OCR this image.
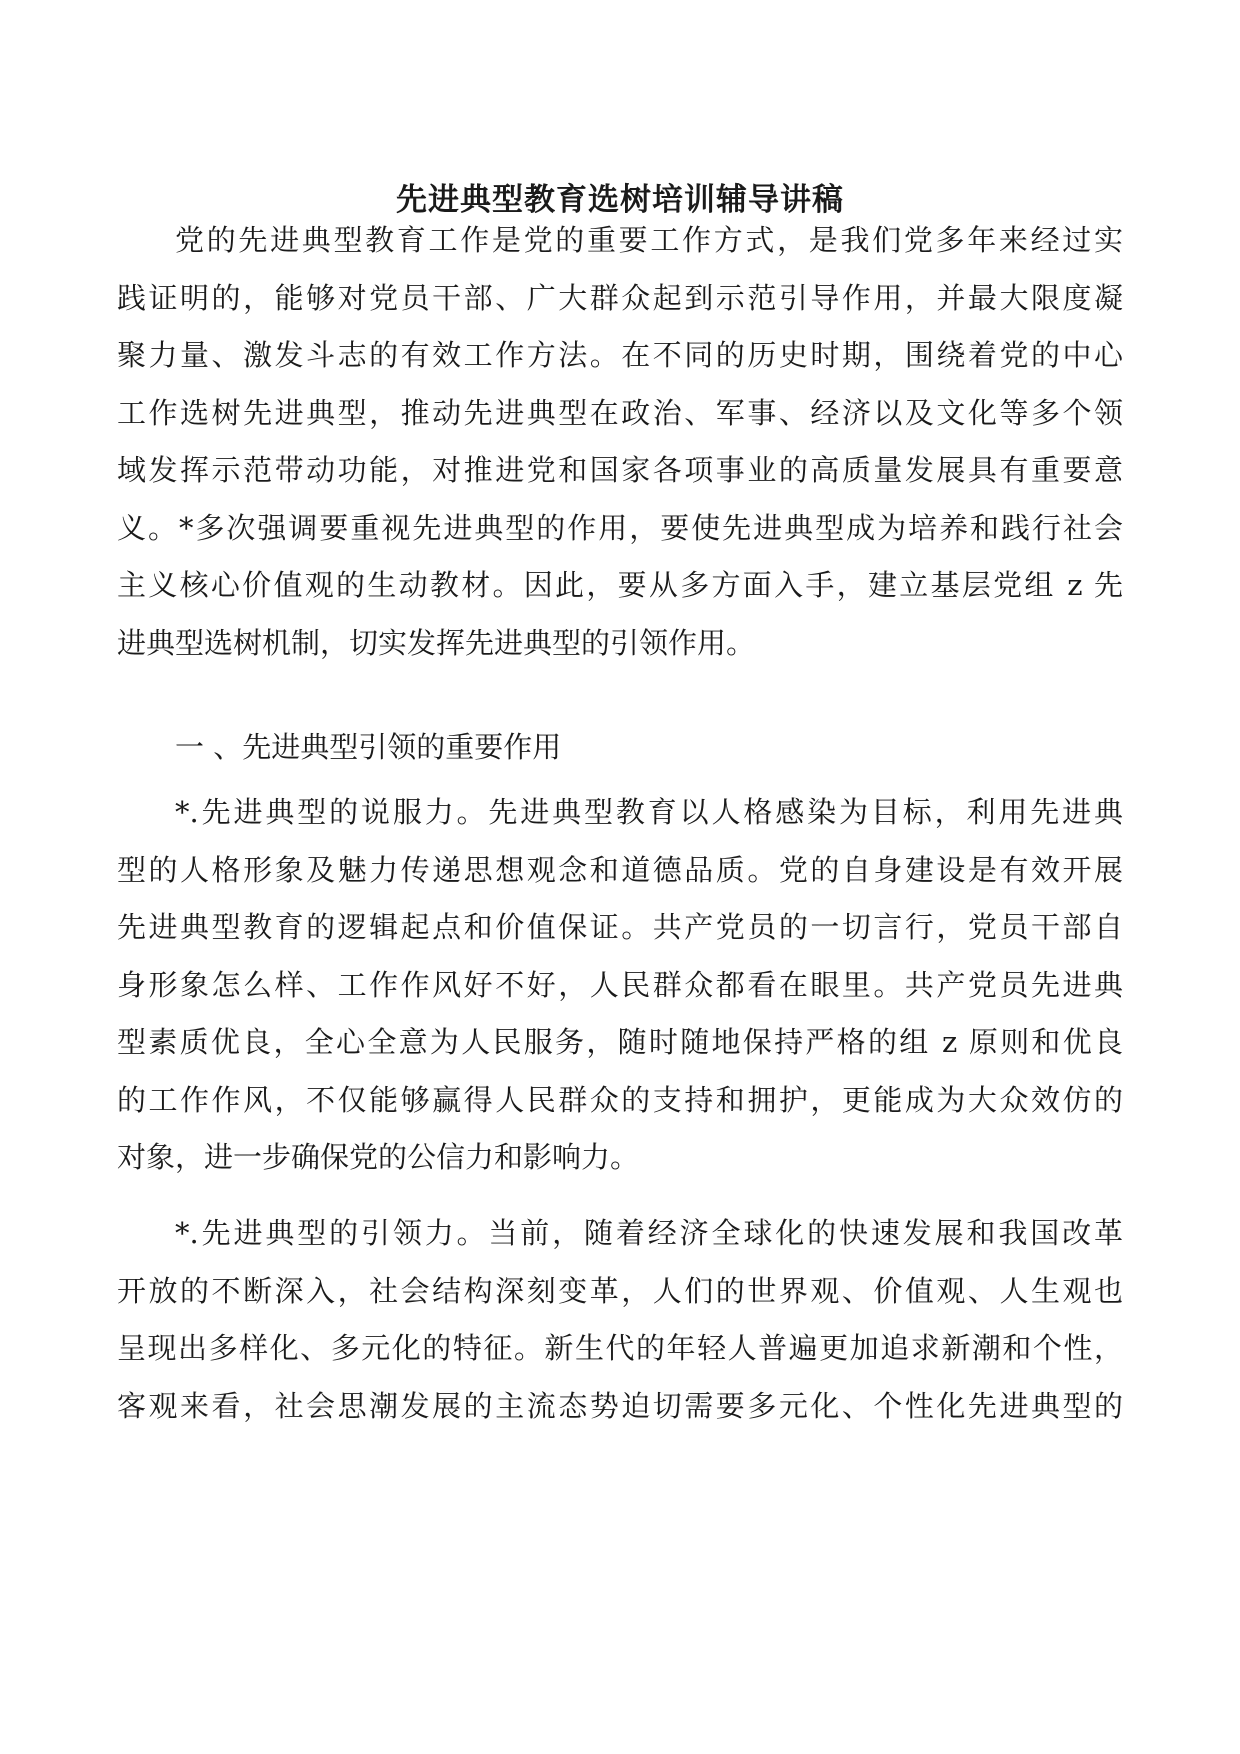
先进典型教育选树培训辅导讲稿
党的先进典型教育工作是党的重要工作方式，是我们党多年来经过实
践证明的，能够对党员干部、广大群众起到示范引导作用，并最大限度凝
聚力量、激发斗志的有效工作方法。在不同的历史时期，围绕着党的中心
工作选树先进典型，推动先进典型在政治、军事、经济以及文化等多个领
域发挥示范带动功能，对推进党和国家各项事业的高质量发展具有重要意
义。*多次强调要重视先进典型的作用，要使先进典型成为培养和践行社会
主义核心价值观的生动教材。因此，要从多方面入手，建立基层党组 z 先
进典型选树机制，切实发挥先进典型的引领作用。
一 、先进典型引领的重要作用
*.先进典型的说服力。先进典型教育以人格感染为目标，利用先进典
型的人格形象及魅力传递思想观念和道德品质。党的自身建设是有效开展
先进典型教育的逻辑起点和价值保证。共产党员的一切言行，党员干部自
身形象怎么样、工作作风好不好，人民群众都看在眼里。共产党员先进典
型素质优良，全心全意为人民服务，随时随地保持严格的组 z 原则和优良
的工作作风，不仅能够赢得人民群众的支持和拥护，更能成为大众效仿的
对象，进一步确保党的公信力和影响力。
*.先进典型的引领力。当前，随着经济全球化的快速发展和我国改革
开放的不断深入，社会结构深刻变革，人们的世界观、价值观、人生观也
呈现出多样化、多元化的特征。新生代的年轻人普遍更加追求新潮和个性，
客观来看，社会思潮发展的主流态势迫切需要多元化、个性化先进典型的
